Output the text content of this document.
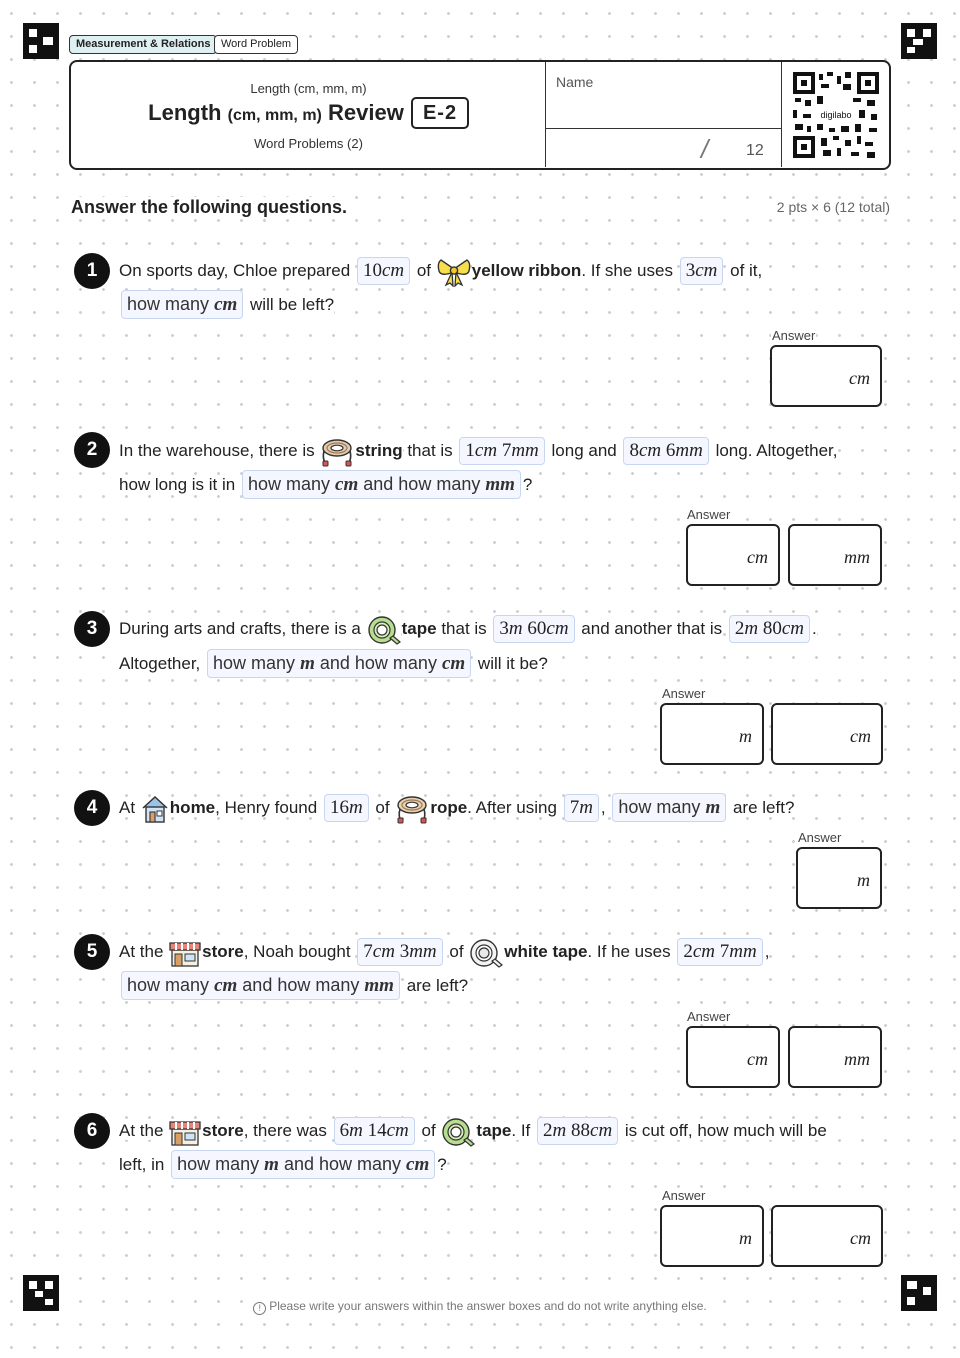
Measurement & Relations Word Problem
Length (cm, mm, m)
Length (cm, mm, m) Review E-2
Word Problems (2)
Name
/ 12
digilabo
Answer the following questions.	2 pts × 6 (12 total)
1	On sports day, Chloe prepared 10cm of yellow ribbon. If she uses 3cm of it,
how many cm will be left?
Answer
cm
2	In the warehouse, there is string that is 1cm 7mm long and 8cm 6mm long. Altogether,
how long is it in how many cm and how many mm ?
Answer
cm	mm
3	During arts and crafts, there is a tape that is 3m 60cm and another that is 2m 80cm .
Altogether, how many m and how many cm will it be?
Answer
m	cm
4	At home, Henry found 16m of rope. After using 7m , how many m are left?
Answer
m
5	At the store, Noah bought 7cm 3mm of white tape. If he uses 2cm 7mm ,
how many cm and how many mm are left?
Answer
cm	mm
6	At the store, there was 6m 14cm of tape. If 2m 88cm is cut off, how much will be
left, in how many m and how many cm ?
Answer
m	cm
! Please write your answers within the answer boxes and do not write anything else.
